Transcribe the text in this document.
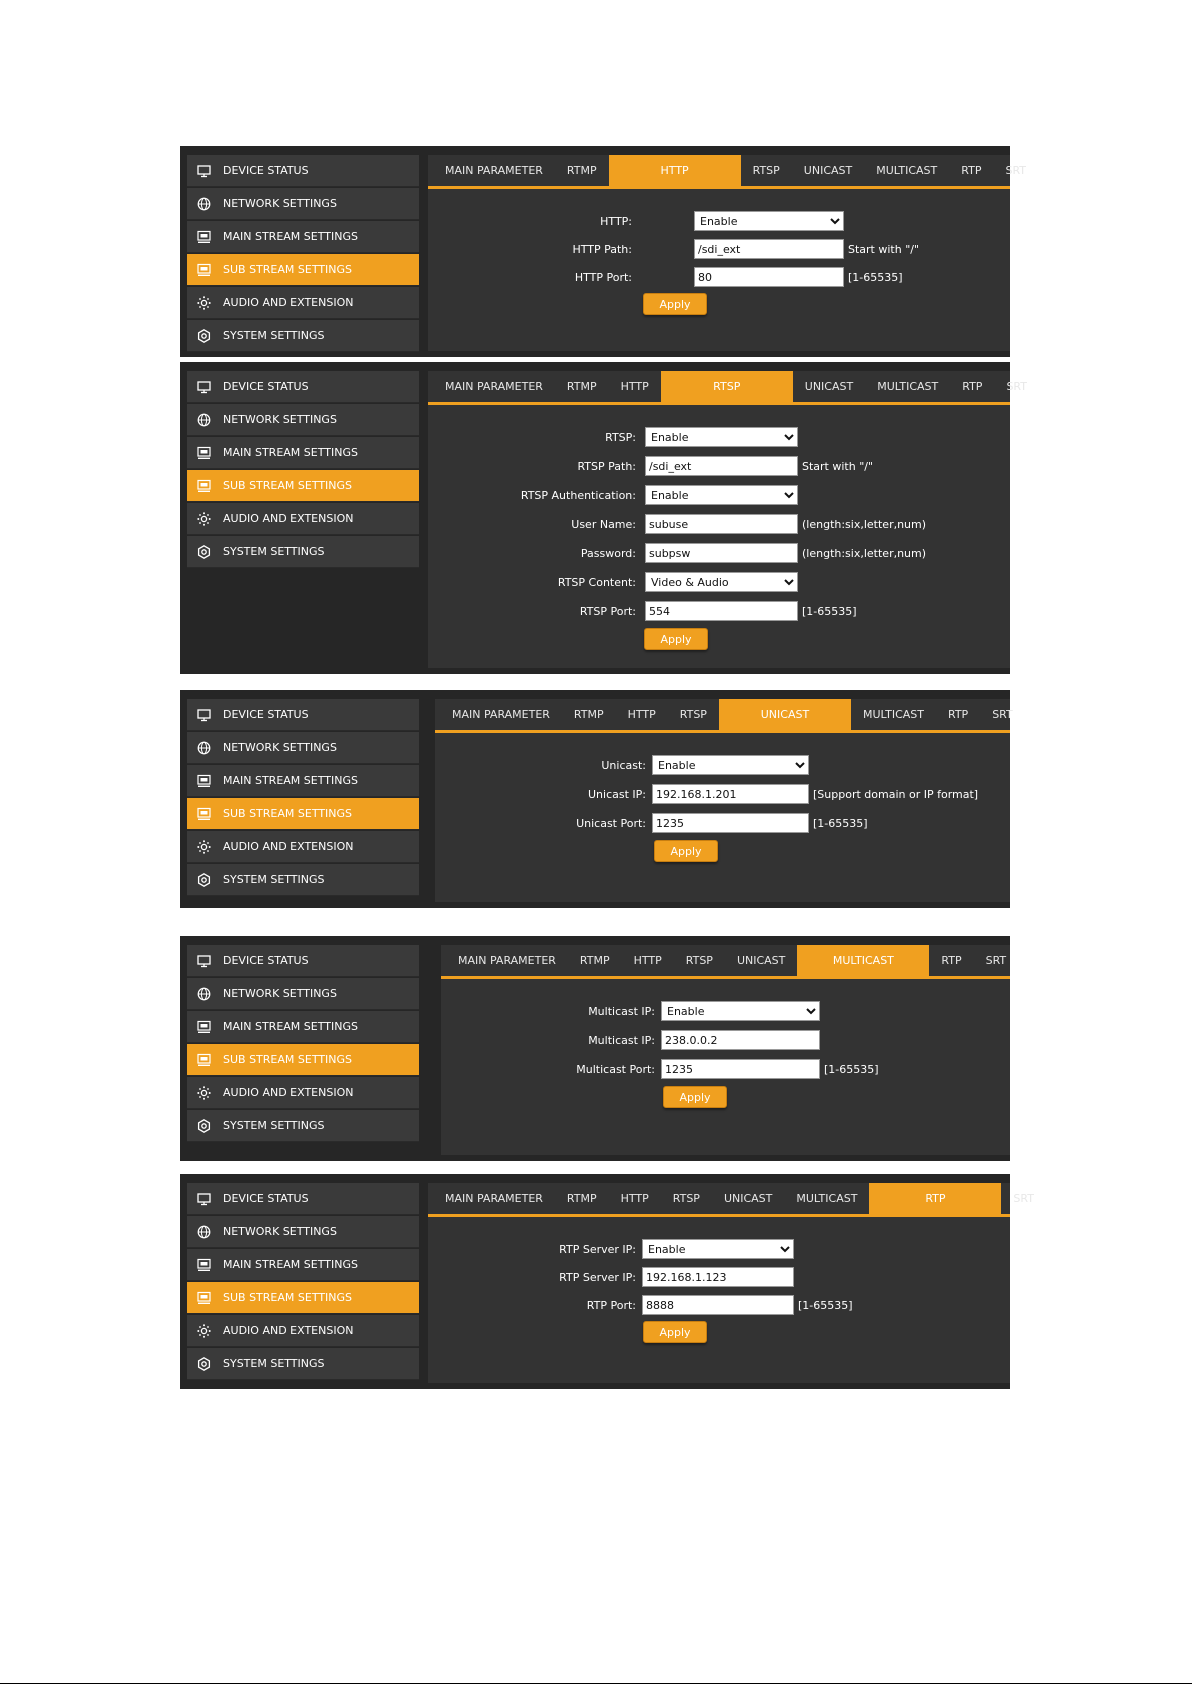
DEVICE STATUS
NETWORK SETTINGS
MAIN STREAM SETTINGS
SUB STREAM SETTINGS
AUDIO AND EXTENSION
SYSTEM SETTINGS
MAIN PARAMETER	RTMP	HTTP	RTSP	UNICAST	MULTICAST	RTP	SRT
HTTP:
Enable
HTTP Path:
/sdi_ext	Start with "/"
HTTP Port:
80	[1-65535]
Apply
DEVICE STATUS
NETWORK SETTINGS
MAIN STREAM SETTINGS
SUB STREAM SETTINGS
AUDIO AND EXTENSION
SYSTEM SETTINGS
MAIN PARAMETER	RTMP	HTTP	RTSP	UNICAST	MULTICAST	RTP	SRT
RTSP:
Enable
RTSP Path:
/sdi_ext	Start with "/"
RTSP Authentication:
Enable
User Name:
subuse	(length:six,letter,num)
Password:
subpsw	(length:six,letter,num)
RTSP Content:
Video & Audio
RTSP Port:
554	[1-65535]
Apply
DEVICE STATUS
NETWORK SETTINGS
MAIN STREAM SETTINGS
SUB STREAM SETTINGS
AUDIO AND EXTENSION
SYSTEM SETTINGS
MAIN PARAMETER	RTMP	HTTP	RTSP	UNICAST	MULTICAST	RTP	SRT
Unicast:
Enable
Unicast IP:
192.168.1.201	[Support domain or IP format]
Unicast Port:
1235	[1-65535]
Apply
DEVICE STATUS
NETWORK SETTINGS
MAIN STREAM SETTINGS
SUB STREAM SETTINGS
AUDIO AND EXTENSION
SYSTEM SETTINGS
MAIN PARAMETER	RTMP	HTTP	RTSP	UNICAST	MULTICAST	RTP	SRT
Multicast IP:
Enable
Multicast IP:
238.0.0.2
Multicast Port:
1235	[1-65535]
Apply
DEVICE STATUS
NETWORK SETTINGS
MAIN STREAM SETTINGS
SUB STREAM SETTINGS
AUDIO AND EXTENSION
SYSTEM SETTINGS
MAIN PARAMETER	RTMP	HTTP	RTSP	UNICAST	MULTICAST	RTP	SRT
RTP Server IP:
Enable
RTP Server IP:
192.168.1.123
RTP Port:
8888	[1-65535]
Apply
